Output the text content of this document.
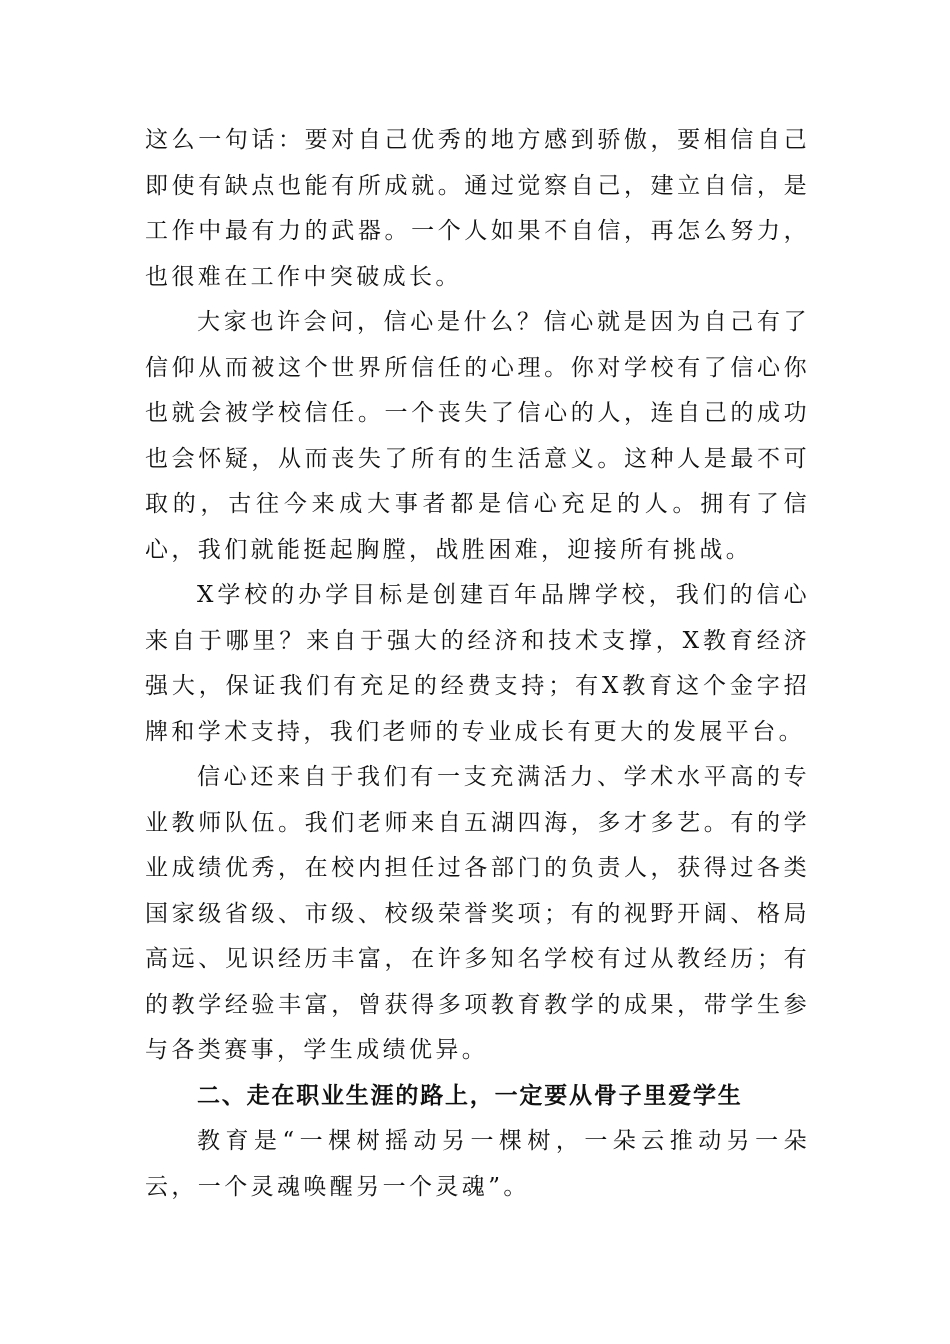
这么一句话：要对自己优秀的地方感到骄傲，要相信自己即使有缺点也能有所成就。通过觉察自己，建立自信，是工作中最有力的武器。一个人如果不自信，再怎么努力，也很难在工作中突破成长。

大家也许会问，信心是什么？信心就是因为自己有了信仰从而被这个世界所信任的心理。你对学校有了信心你也就会被学校信任。一个丧失了信心的人，连自己的成功也会怀疑，从而丧失了所有的生活意义。这种人是最不可取的，古往今来成大事者都是信心充足的人。拥有了信心，我们就能挺起胸膛，战胜困难，迎接所有挑战。

X学校的办学目标是创建百年品牌学校，我们的信心来自于哪里？来自于强大的经济和技术支撑，X教育经济强大，保证我们有充足的经费支持；有X教育这个金字招牌和学术支持，我们老师的专业成长有更大的发展平台。

信心还来自于我们有一支充满活力、学术水平高的专业教师队伍。我们老师来自五湖四海，多才多艺。有的学业成绩优秀，在校内担任过各部门的负责人，获得过各类国家级省级、市级、校级荣誉奖项；有的视野开阔、格局高远、见识经历丰富，在许多知名学校有过从教经历；有的教学经验丰富，曾获得多项教育教学的成果，带学生参与各类赛事，学生成绩优异。

二、走在职业生涯的路上，一定要从骨子里爱学生

教育是“一棵树摇动另一棵树，一朵云推动另一朵云，一个灵魂唤醒另一个灵魂”。
